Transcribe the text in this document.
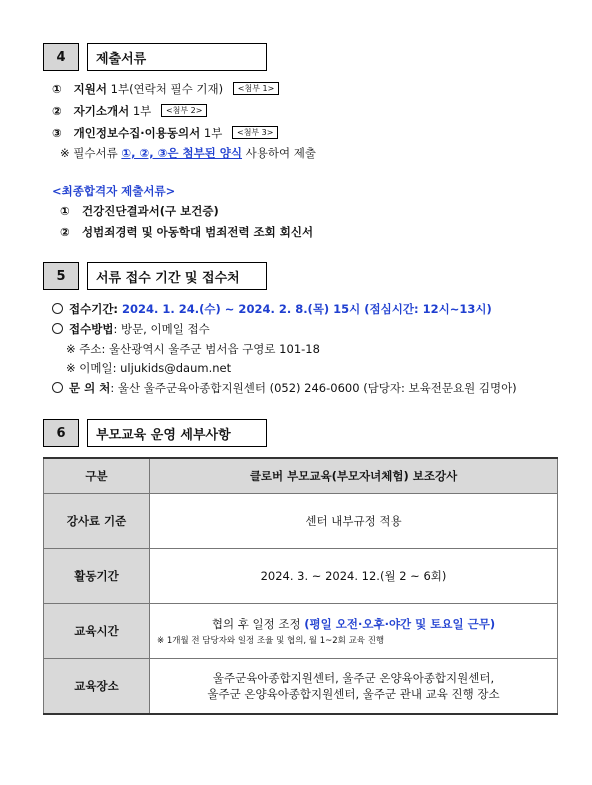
4	제출서류
① 지원서 1부(연락처 필수 기재) <첨부 1>
② 자기소개서 1부 <첨부 2>
③ 개인정보수집·이용동의서 1부 <첨부 3>
※ 필수서류 ①, ②, ③은 첨부된 양식 사용하여 제출
<최종합격자 제출서류>
① 건강진단결과서(구 보건증)
② 성범죄경력 및 아동학대 범죄전력 조회 회신서
5	서류 접수 기간 및 접수처
접수기간: 2024. 1. 24.(수) ~ 2024. 2. 8.(목) 15시 (점심시간: 12시~13시)
접수방법: 방문, 이메일 접수
※ 주소: 울산광역시 울주군 범서읍 구영로 101-18
※ 이메일: uljukids@daum.net
문 의 처: 울산 울주군육아종합지원센터 (052) 246-0600 (담당자: 보육전문요원 김명아)
6	부모교육 운영 세부사항
구분	클로버 부모교육(부모자녀체험) 보조강사
강사료 기준	센터 내부규정 적용
활동기간	2024. 3. ~ 2024. 12.(월 2 ~ 6회)
교육시간	협의 후 일정 조정 (평일 오전·오후·야간 및 토요일 근무)
※ 1개월 전 담당자와 일정 조율 및 협의, 월 1~2회 교육 진행

교육장소	울주군육아종합지원센터, 울주군 온양육아종합지원센터,
울주군 온양육아종합지원센터, 울주군 관내 교육 진행 장소
